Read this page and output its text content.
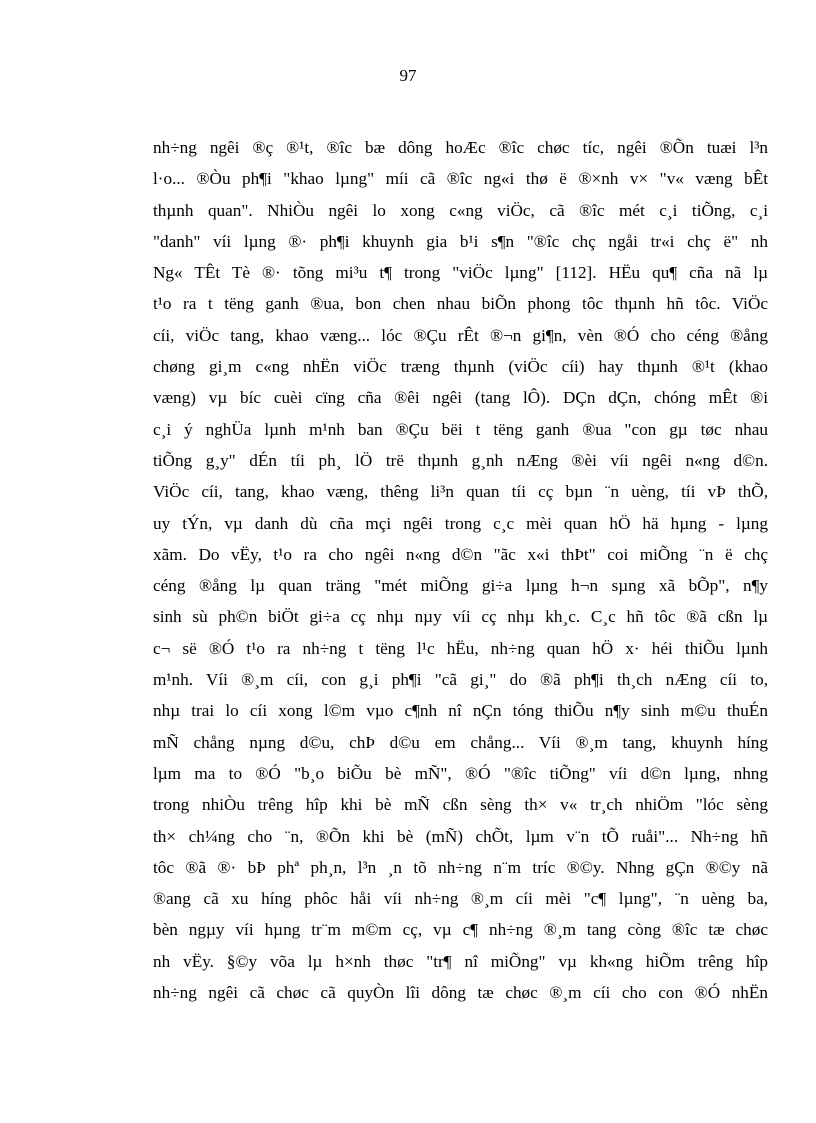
97
nh÷ng ngêi ®ç ®¹t, ®îc bæ dông hoÆc ®îc chøc tíc, ngêi ®Õn tuæi l³n
l·o... ®Òu ph¶i "khao lµng" míi cã ®îc ng«i thø ë ®×nh v× "v« væng bÊt
thµnh quan". NhiÒu ngêi lo xong c«ng viÖc, cã ®îc mét c¸i tiÕng, c¸i
"danh" víi lµng ®· ph¶i khuynh gia b¹i s¶n "®îc chç ngåi tr«i chç ë" nh
Ng« TÊt Tè ®· tõng mi³u t¶ trong "viÖc lµng" [112]. HËu qu¶ cña nã lµ
t¹o ra t tëng ganh ®ua, bon chen nhau biÕn phong tôc thµnh hñ tôc. ViÖc
cíi, viÖc tang, khao væng... lóc ®Çu rÊt ®¬n gi¶n, vèn ®Ó cho céng ®ång
chøng gi¸m c«ng nhËn viÖc træng thµnh (viÖc cíi) hay thµnh ®¹t (khao
væng) vµ bíc cuèi cïng cña ®êi ngêi (tang lÔ). DÇn dÇn, chóng mÊt ®i
c¸i ý nghÜa lµnh m¹nh ban ®Çu bëi t tëng ganh ®ua "con gµ tøc nhau
tiÕng g¸y" dÉn tíi ph¸ lÖ trë thµnh g¸nh nÆng ®èi víi ngêi n«ng d©n.
ViÖc cíi, tang, khao væng, thêng li³n quan tíi cç bµn ¨n uèng, tíi vÞ thÕ,
uy tÝn, vµ danh dù cña mçi ngêi trong c¸c mèi quan hÖ hä hµng - lµng
xãm. Do vËy, t¹o ra cho ngêi n«ng d©n "ãc x«i thÞt" coi miÕng ¨n ë chç
céng ®ång lµ quan träng "mét miÕng gi÷a lµng h¬n sµng xã bÕp", n¶y
sinh sù ph©n biÖt gi÷a cç nhµ nµy víi cç nhµ kh¸c. C¸c hñ tôc ®ã cßn lµ
c¬ së ®Ó t¹o ra nh÷ng t tëng l¹c hËu, nh÷ng quan hÖ x· héi thiÕu lµnh
m¹nh. Víi ®¸m cíi, con g¸i ph¶i "cã gi¸" do ®ã ph¶i th¸ch nÆng cíi to,
nhµ trai lo cíi xong l©m vµo c¶nh nî nÇn tóng thiÕu n¶y sinh m©u thuÉn
mÑ chång nµng d©u, chÞ d©u em chång... Víi ®¸m tang, khuynh híng
lµm ma to ®Ó "b¸o biÕu bè mÑ", ®Ó "®îc tiÕng" víi d©n lµng, nhng
trong nhiÒu trêng hîp khi bè mÑ cßn sèng th× v« tr¸ch nhiÖm "lóc sèng
th× ch¼ng cho ¨n, ®Õn khi bè (mÑ) chÕt, lµm v¨n tÕ ruåi"... Nh÷ng hñ
tôc ®ã ®· bÞ phª ph¸n, l³n ¸n tõ nh÷ng n¨m tríc ®©y. Nhng gÇn ®©y nã
®ang cã xu híng phôc håi víi nh÷ng ®¸m cíi mèi "c¶ lµng", ¨n uèng ba,
bèn ngµy víi hµng tr¨m m©m cç, vµ c¶ nh÷ng ®¸m tang còng ®îc tæ chøc
nh vËy. §©y võa lµ h×nh thøc "tr¶ nî miÕng" vµ kh«ng hiÕm trêng hîp
nh÷ng ngêi cã chøc cã quyÒn lîi dông tæ chøc ®¸m cíi cho con ®Ó nhËn
